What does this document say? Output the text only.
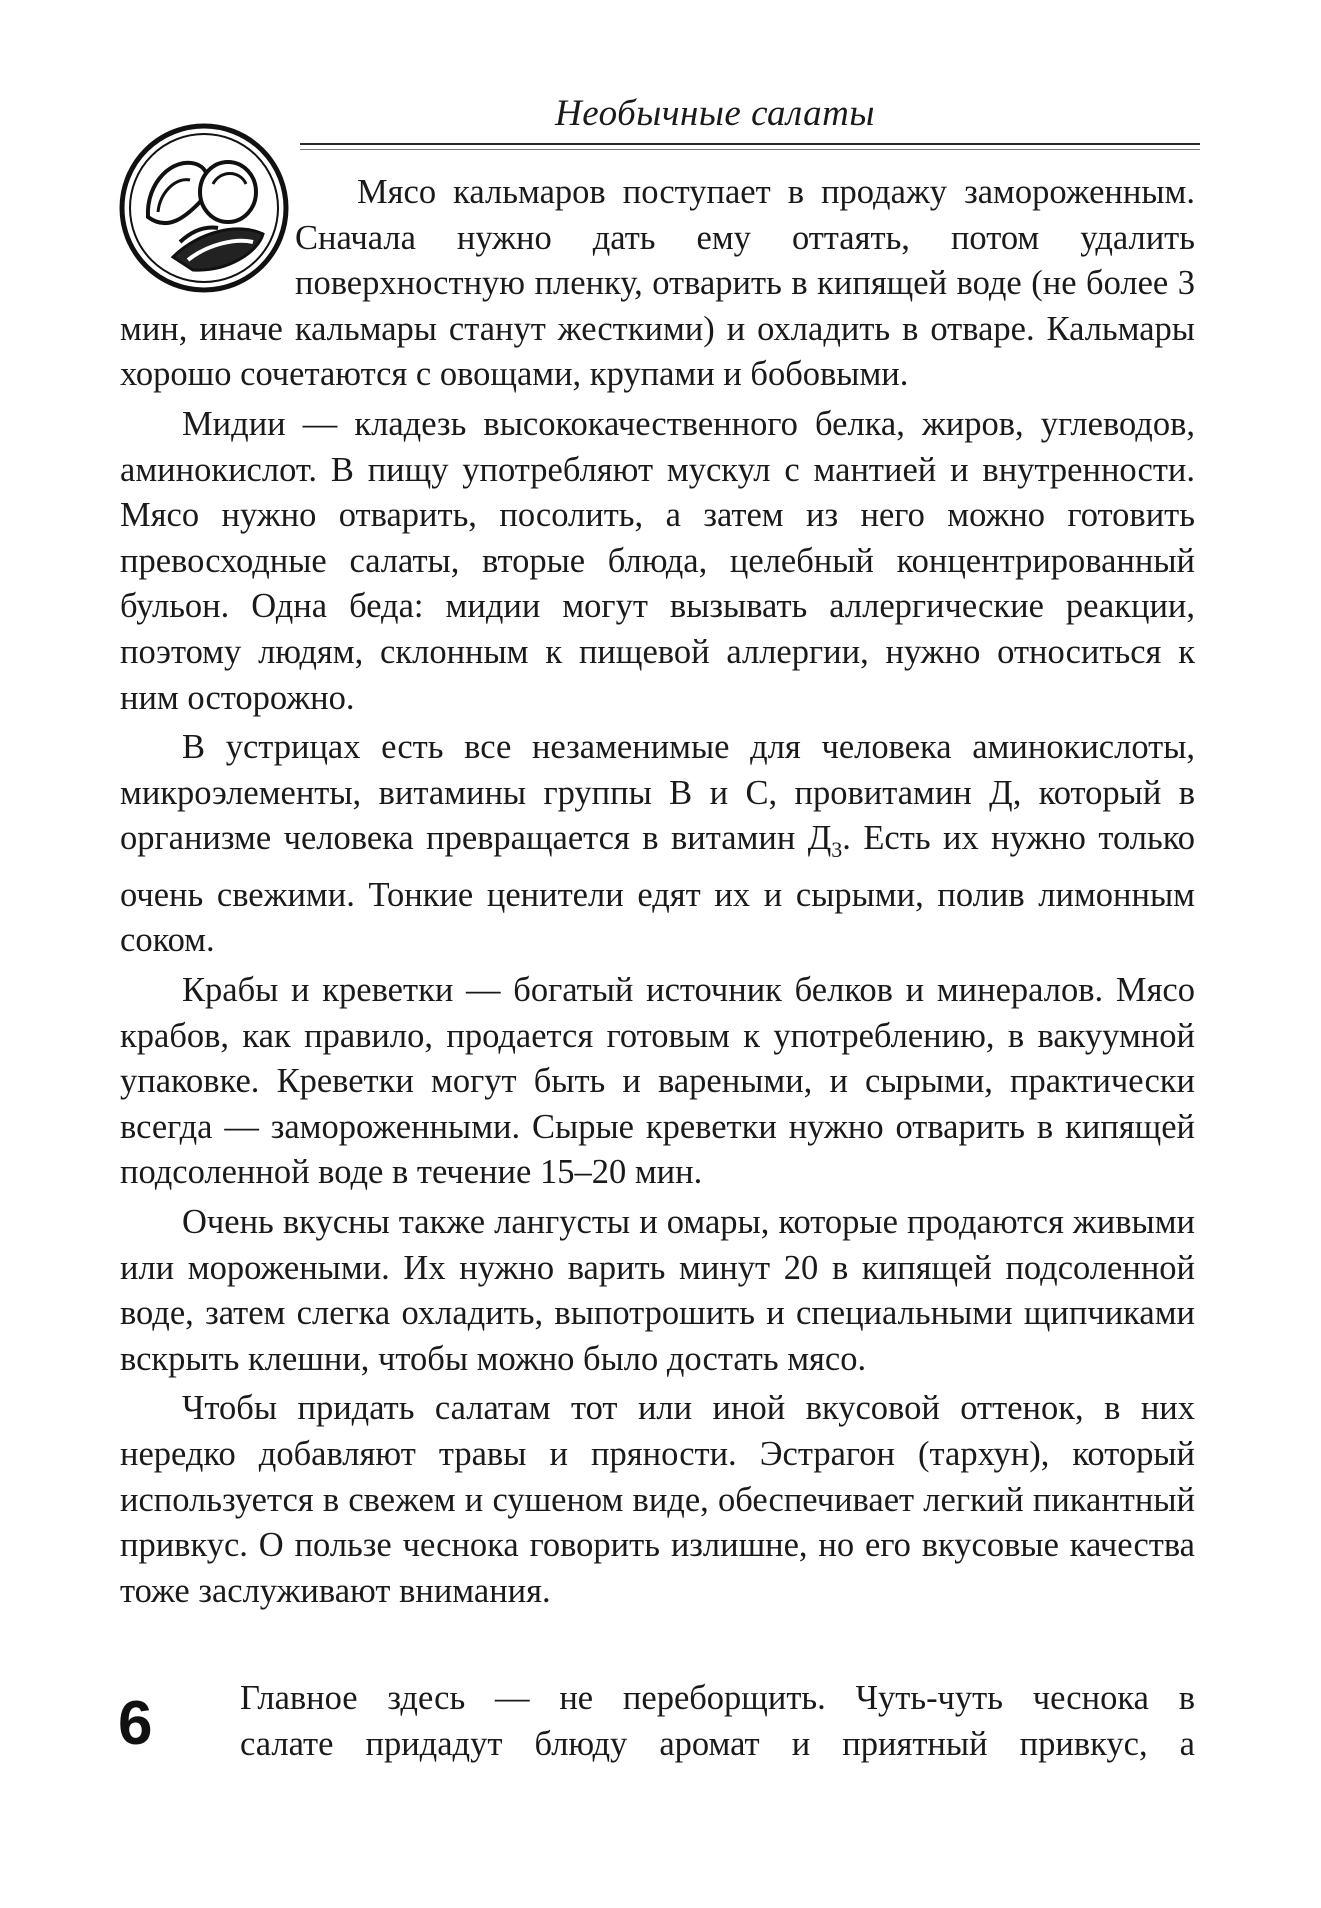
Необычные салаты

Мясо кальмаров поступает в продажу замороженным. Сначала нужно дать ему оттаять, потом удалить поверхностную пленку, отварить в кипящей воде (не более 3 мин, иначе кальмары станут жесткими) и охладить в отваре. Кальмары хорошо сочетаются с овощами, крупами и бобовыми.

Мидии — кладезь высококачественного белка, жиров, углеводов, аминокислот. В пищу употребляют мускул с мантией и внутренности. Мясо нужно отварить, посолить, а затем из него можно готовить превосходные салаты, вторые блюда, целебный концентрированный бульон. Одна беда: мидии могут вызывать аллергические реакции, поэтому людям, склонным к пищевой аллергии, нужно относиться к ним осторожно.

В устрицах есть все незаменимые для человека аминокислоты, микроэлементы, витамины группы В и С, провитамин Д, который в организме человека превращается в витамин $Д_3$. Есть их нужно только очень свежими. Тонкие ценители едят их и сырыми, полив лимонным соком.

Крабы и креветки — богатый источник белков и минералов. Мясо крабов, как правило, продается готовым к употреблению, в вакуумной упаковке. Креветки могут быть и вареными, и сырыми, практически всегда — замороженными. Сырые креветки нужно отварить в кипящей подсоленной воде в течение 15–20 мин.

Очень вкусны также лангусты и омары, которые продаются живыми или морожеными. Их нужно варить минут 20 в кипящей подсоленной воде, затем слегка охладить, выпотрошить и специальными щипчиками вскрыть клешни, чтобы можно было достать мясо.

Чтобы придать салатам тот или иной вкусовой оттенок, в них нередко добавляют травы и пряности. Эстрагон (тархун), который используется в свежем и сушеном виде, обеспечивает легкий пикантный привкус. О пользе чеснока говорить излишне, но его вкусовые качества тоже заслуживают внимания.

6	Главное здесь — не переборщить. Чуть-чуть чеснока в
салате придадут блюду аромат и приятный привкус, а
